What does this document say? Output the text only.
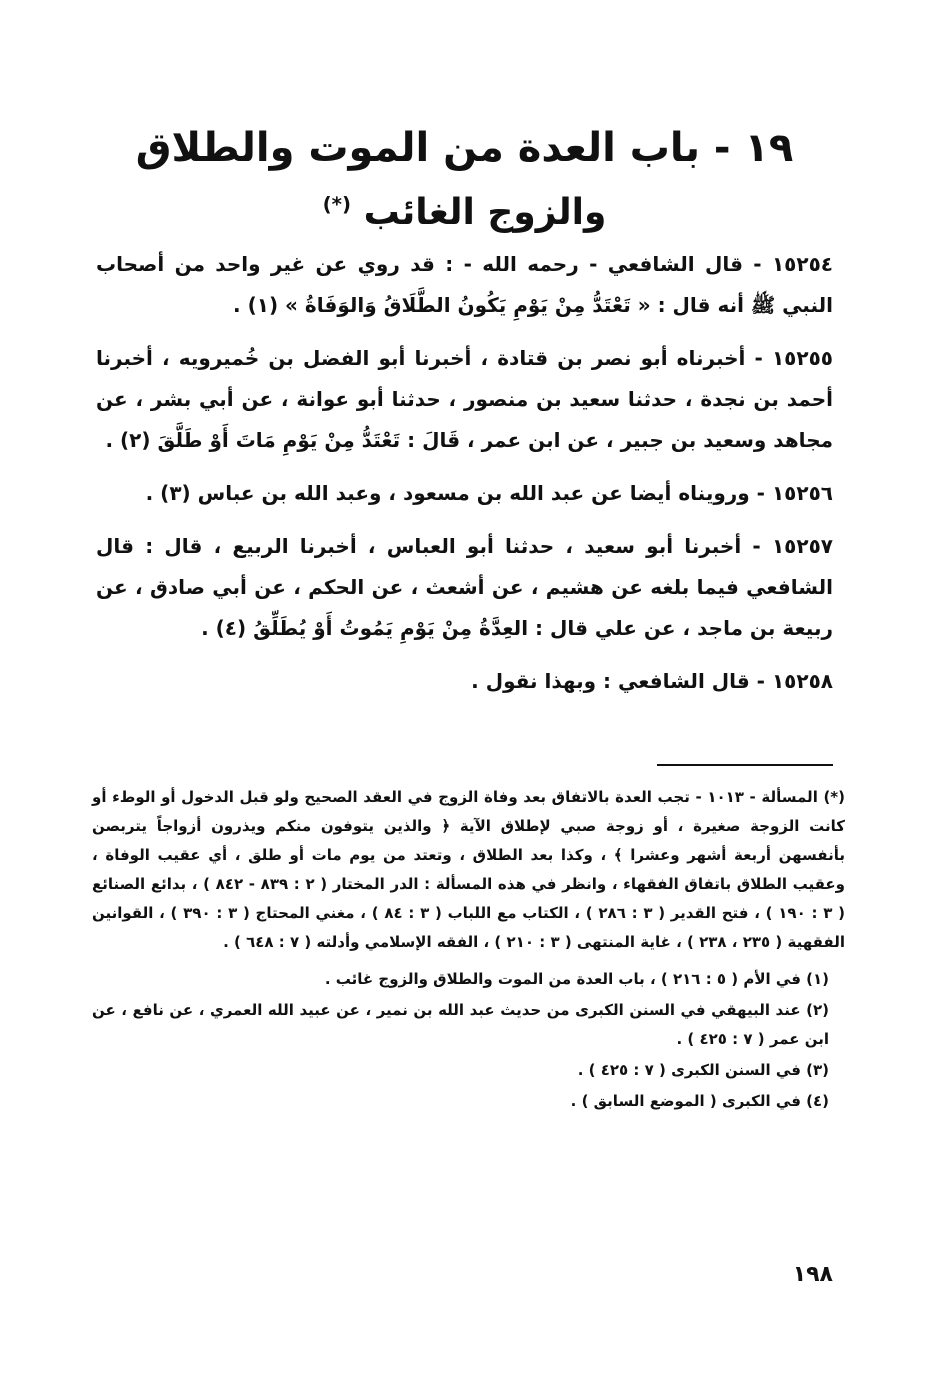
١٩ - باب العدة من الموت والطلاق
والزوج الغائب (*)

١٥٢٥٤ - قال الشافعي - رحمه الله - : قد روي عن غير واحد من أصحاب النبي ﷺ أنه قال : « تَعْتَدُّ مِنْ يَوْمِ يَكُونُ الطَّلَاقُ وَالوَفَاةُ » (١) .

١٥٢٥٥ - أخبرناه أبو نصر بن قتادة ، أخبرنا أبو الفضل بن خُميرويه ، أخبرنا أحمد بن نجدة ، حدثنا سعيد بن منصور ، حدثنا أبو عوانة ، عن أبي بشر ، عن مجاهد وسعيد بن جبير ، عن ابن عمر ، قَالَ : تَعْتَدُّ مِنْ يَوْمِ مَاتَ أَوْ طَلَّقَ (٢) .

١٥٢٥٦ - ورويناه أيضا عن عبد الله بن مسعود ، وعبد الله بن عباس (٣) .

١٥٢٥٧ - أخبرنا أبو سعيد ، حدثنا أبو العباس ، أخبرنا الربيع ، قال : قال الشافعي فيما بلغه عن هشيم ، عن أشعث ، عن الحكم ، عن أبي صادق ، عن ربيعة بن ماجد ، عن علي قال : العِدَّةُ مِنْ يَوْمِ يَمُوتُ أَوْ يُطَلِّقُ (٤) .

١٥٢٥٨ - قال الشافعي : وبهذا نقول .

(*) المسألة - ١٠١٣ - تجب العدة بالاتفاق بعد وفاة الزوج في العقد الصحيح ولو قبل الدخول أو الوطء أو كانت الزوجة صغيرة ، أو زوجة صبي لإطلاق الآية ﴿ والذين يتوفون منكم ويذرون أزواجاً يتربصن بأنفسهن أربعة أشهر وعشرا ﴾ ، وكذا بعد الطلاق ، وتعتد من يوم مات أو طلق ، أي عقيب الوفاة ، وعقيب الطلاق باتفاق الفقهاء ، وانظر في هذه المسألة : الدر المختار ( ٢ : ٨٣٩ - ٨٤٢ ) ، بدائع الصنائع ( ٣ : ١٩٠ ) ، فتح القدير ( ٣ : ٢٨٦ ) ، الكتاب مع اللباب ( ٣ : ٨٤ ) ، مغني المحتاج ( ٣ : ٣٩٠ ) ، القوانين الفقهية ( ٢٣٥ ، ٢٣٨ ) ، غاية المنتهى ( ٣ : ٢١٠ ) ، الفقه الإسلامي وأدلته ( ٧ : ٦٤٨ ) .

(١) في الأم ( ٥ : ٢١٦ ) ، باب العدة من الموت والطلاق والزوج غائب .

(٢) عند البيهقي في السنن الكبرى من حديث عبد الله بن نمير ، عن عبيد الله العمري ، عن نافع ، عن ابن عمر ( ٧ : ٤٢٥ ) .

(٣) في السنن الكبرى ( ٧ : ٤٢٥ ) .

(٤) في الكبرى ( الموضع السابق ) .

١٩٨
